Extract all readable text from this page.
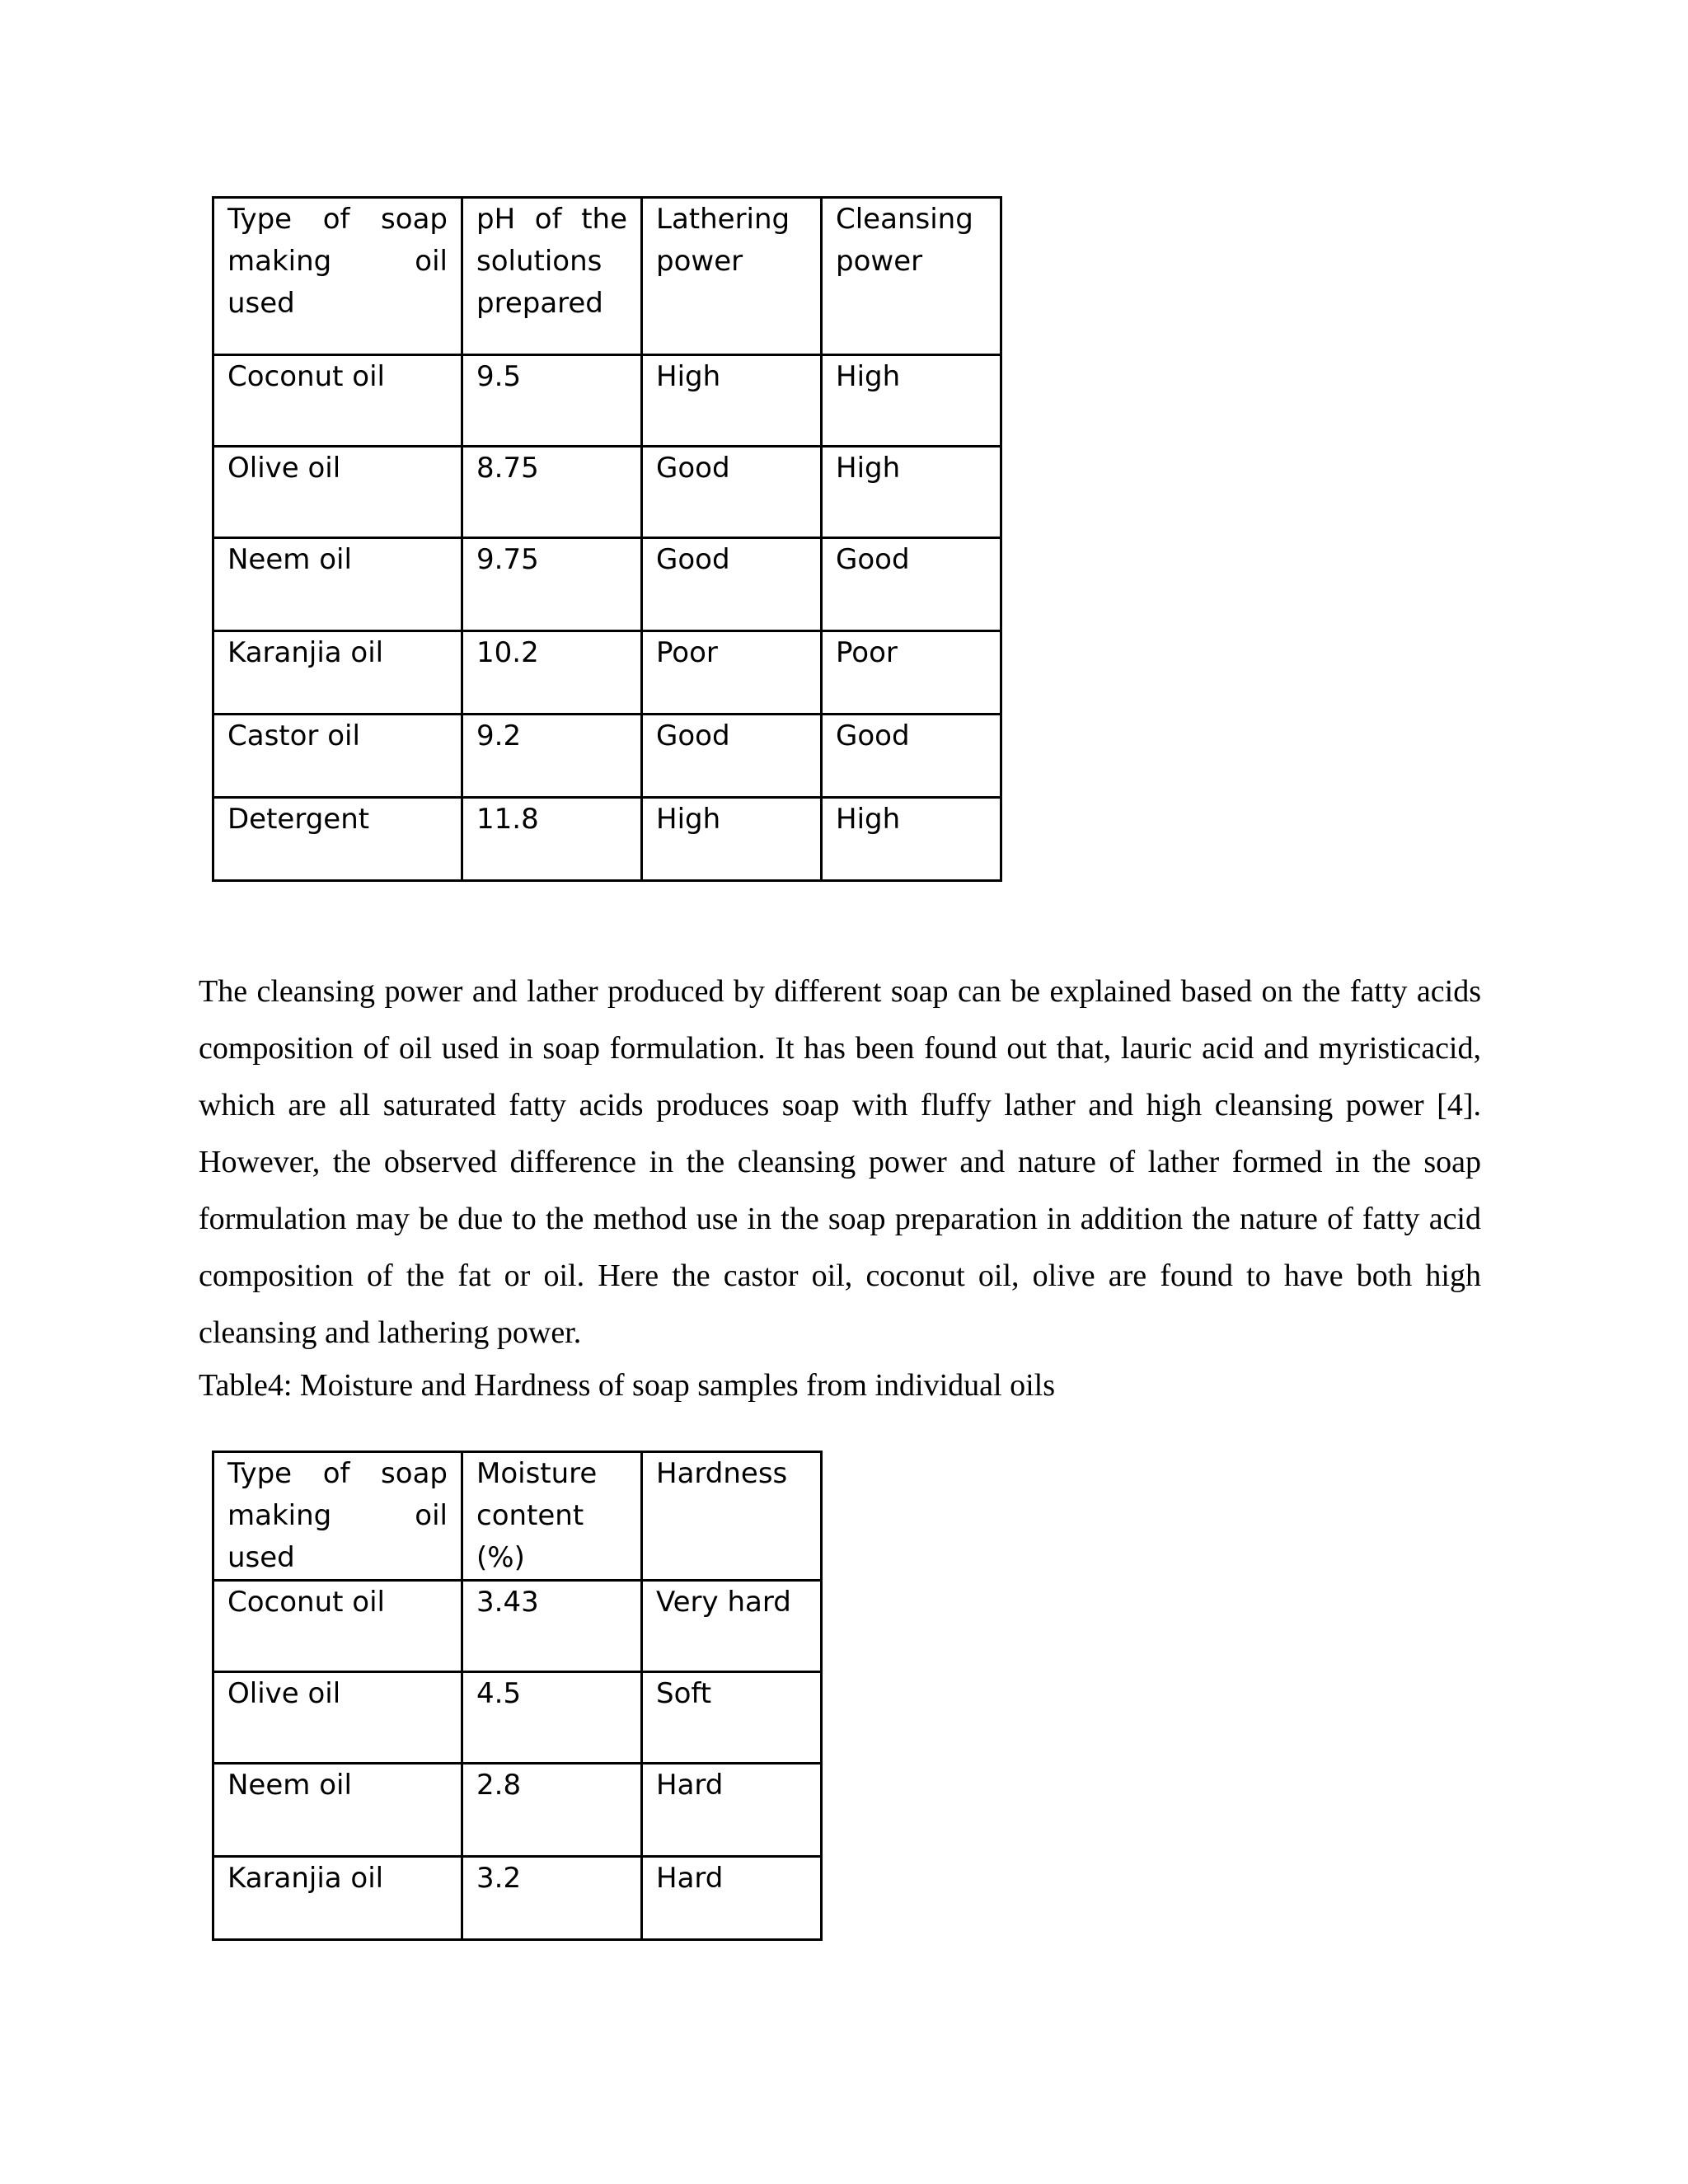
Type of soap making oil used	pH of the solutions prepared	Lathering power	Cleansing power
Coconut oil	9.5	High	High
Olive oil	8.75	Good	High
Neem oil	9.75	Good	Good
Karanjia oil	10.2	Poor	Poor
Castor oil	9.2	Good	Good
Detergent	11.8	High	High

The cleansing power and lather produced by different soap can be explained based on the fatty acids composition of oil used in soap formulation. It has been found out that, lauric acid and myristicacid, which are all saturated fatty acids produces soap with fluffy lather and high cleansing power [4]. However, the observed difference in the cleansing power and nature of lather formed in the soap formulation may be due to the method use in the soap preparation in addition the nature of fatty acid composition of the fat or oil. Here the castor oil, coconut oil, olive are found to have both high cleansing and lathering power.

Table4: Moisture and Hardness of soap samples from individual oils

Type of soap making oil used	Moisture content (%)	Hardness
Coconut oil	3.43	Very hard
Olive oil	4.5	Soft
Neem oil	2.8	Hard
Karanjia oil	3.2	Hard
